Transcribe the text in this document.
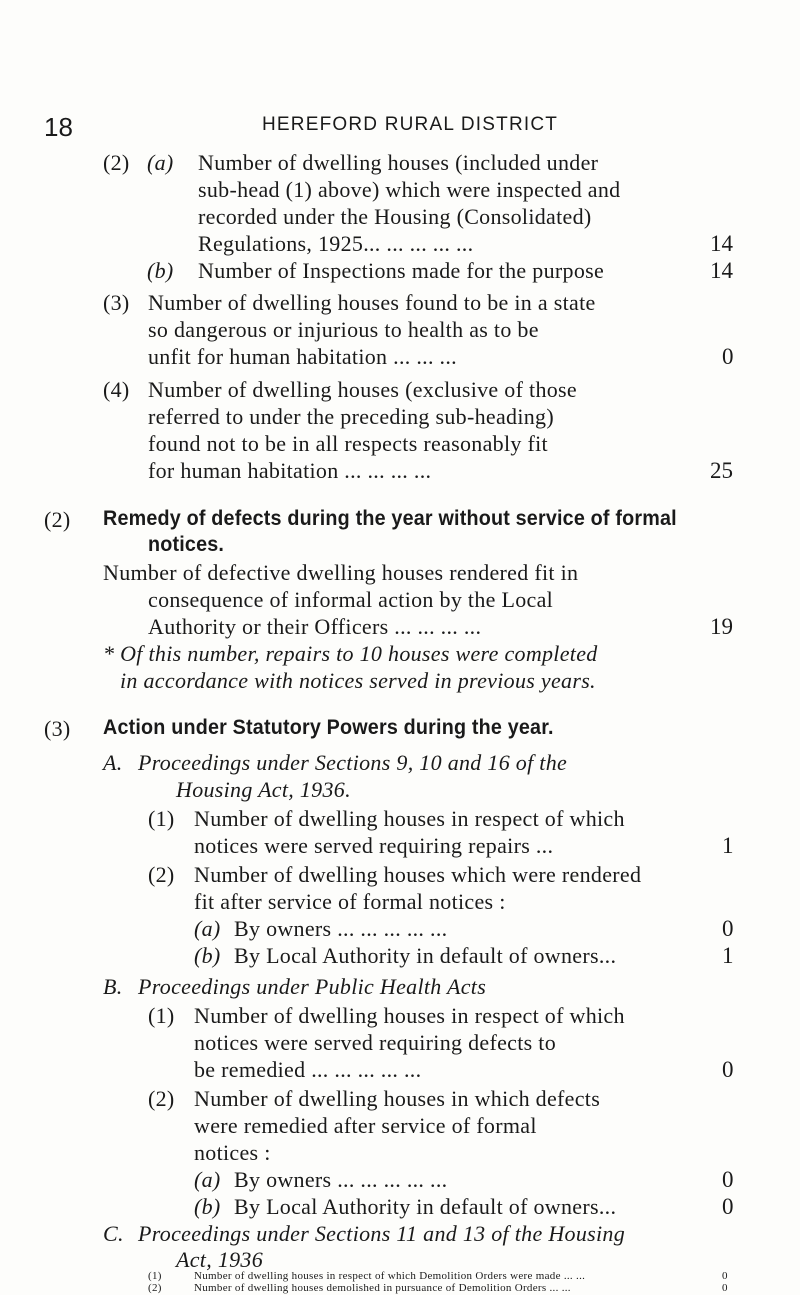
18	HEREFORD RURAL DISTRICT
(2) (a) Number of dwelling houses (included under
sub-head (1) above) which were inspected and
recorded under the Housing (Consolidated)
Regulations, 1925... ... ... ... ...	14
(b) Number of Inspections made for the purpose	14
(3) Number of dwelling houses found to be in a state
so dangerous or injurious to health as to be
unfit for human habitation ... ... ...	0
(4) Number of dwelling houses (exclusive of those
referred to under the preceding sub-heading)
found not to be in all respects reasonably fit
for human habitation ... ... ... ...	25
(2) Remedy of defects during the year without service of formal
notices.
Number of defective dwelling houses rendered fit in
consequence of informal action by the Local
Authority or their Officers ... ... ... ...	19
* Of this number, repairs to 10 houses were completed
in accordance with notices served in previous years.
(3) Action under Statutory Powers during the year.
A. Proceedings under Sections 9, 10 and 16 of the
Housing Act, 1936.
(1) Number of dwelling houses in respect of which
notices were served requiring repairs ...	1
(2) Number of dwelling houses which were rendered
fit after service of formal notices :
(a) By owners ... ... ... ... ...	0
(b) By Local Authority in default of owners...	1
B. Proceedings under Public Health Acts
(1) Number of dwelling houses in respect of which
notices were served requiring defects to
be remedied ... ... ... ... ...	0
(2) Number of dwelling houses in which defects
were remedied after service of formal
notices :
(a) By owners ... ... ... ... ...	0
(b) By Local Authority in default of owners...	0
C. Proceedings under Sections 11 and 13 of the Housing
Act, 1936
(1)	Number of dwelling houses in respect of which Demolition Orders were made ... ...	0
(2)	Number of dwelling houses demolished in pursuance of Demolition Orders ... ...	0
